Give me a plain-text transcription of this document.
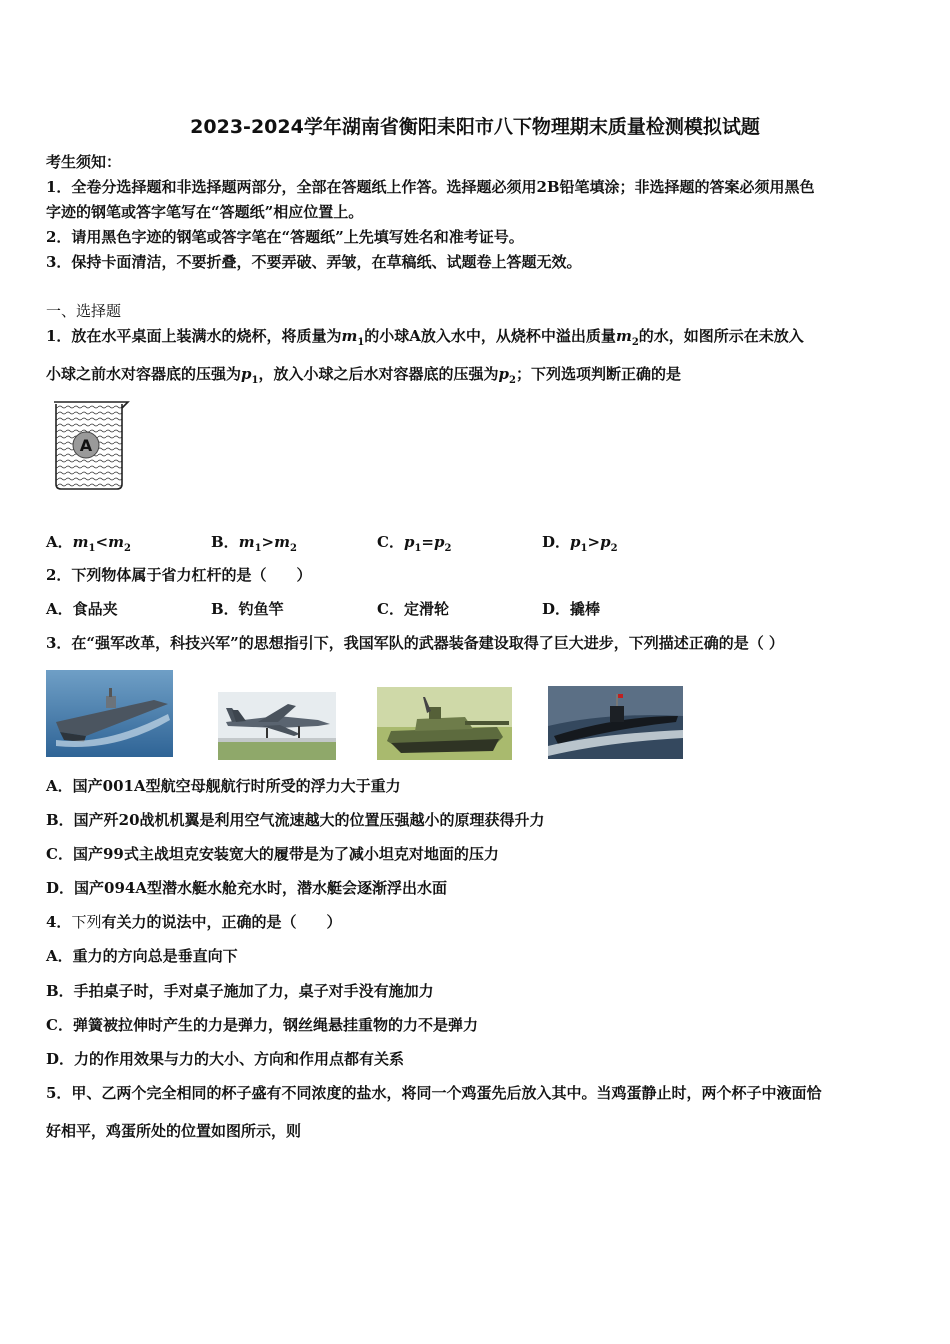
2023-2024学年湖南省衡阳耒阳市八下物理期末质量检测模拟试题
考生须知：
1．全卷分选择题和非选择题两部分，全部在答题纸上作答。选择题必须用2B铅笔填涂；非选择题的答案必须用黑色
字迹的钢笔或答字笔写在“答题纸”相应位置上。
2．请用黑色字迹的钢笔或答字笔在“答题纸”上先填写姓名和准考证号。
3．保持卡面清洁，不要折叠，不要弄破、弄皱，在草稿纸、试题卷上答题无效。
一、选择题
1．放在水平桌面上装满水的烧杯，将质量为$m_1$的小球A放入水中，从烧杯中溢出质量$m_2$的水，如图所示在未放入
小球之前水对容器底的压强为$p_1$，放入小球之后水对容器底的压强为$p_2$；下列选项判断正确的是
A
A．$m_1<m_2$	B．$m_1>m_2$	C．$p_1=p_2$	D．$p_1>p_2$
2．下列物体属于省力杠杆的是（　　）
A．食品夹	B．钓鱼竿	C．定滑轮	D．撬棒
3．在“强军改革，科技兴军”的思想指引下，我国军队的武器装备建设取得了巨大进步，下列描述正确的是（ ）
A．国产001A型航空母舰航行时所受的浮力大于重力
B．国产歼20战机机翼是利用空气流速越大的位置压强越小的原理获得升力
C．国产99式主战坦克安装宽大的履带是为了减小坦克对地面的压力
D．国产094A型潜水艇水舱充水时，潜水艇会逐渐浮出水面
4．下列有关力的说法中，正确的是（　　）
A．重力的方向总是垂直向下
B．手拍桌子时，手对桌子施加了力，桌子对手没有施加力
C．弹簧被拉伸时产生的力是弹力，钢丝绳悬挂重物的力不是弹力
D．力的作用效果与力的大小、方向和作用点都有关系
5．甲、乙两个完全相同的杯子盛有不同浓度的盐水，将同一个鸡蛋先后放入其中。当鸡蛋静止时，两个杯子中液面恰
好相平，鸡蛋所处的位置如图所示，则
